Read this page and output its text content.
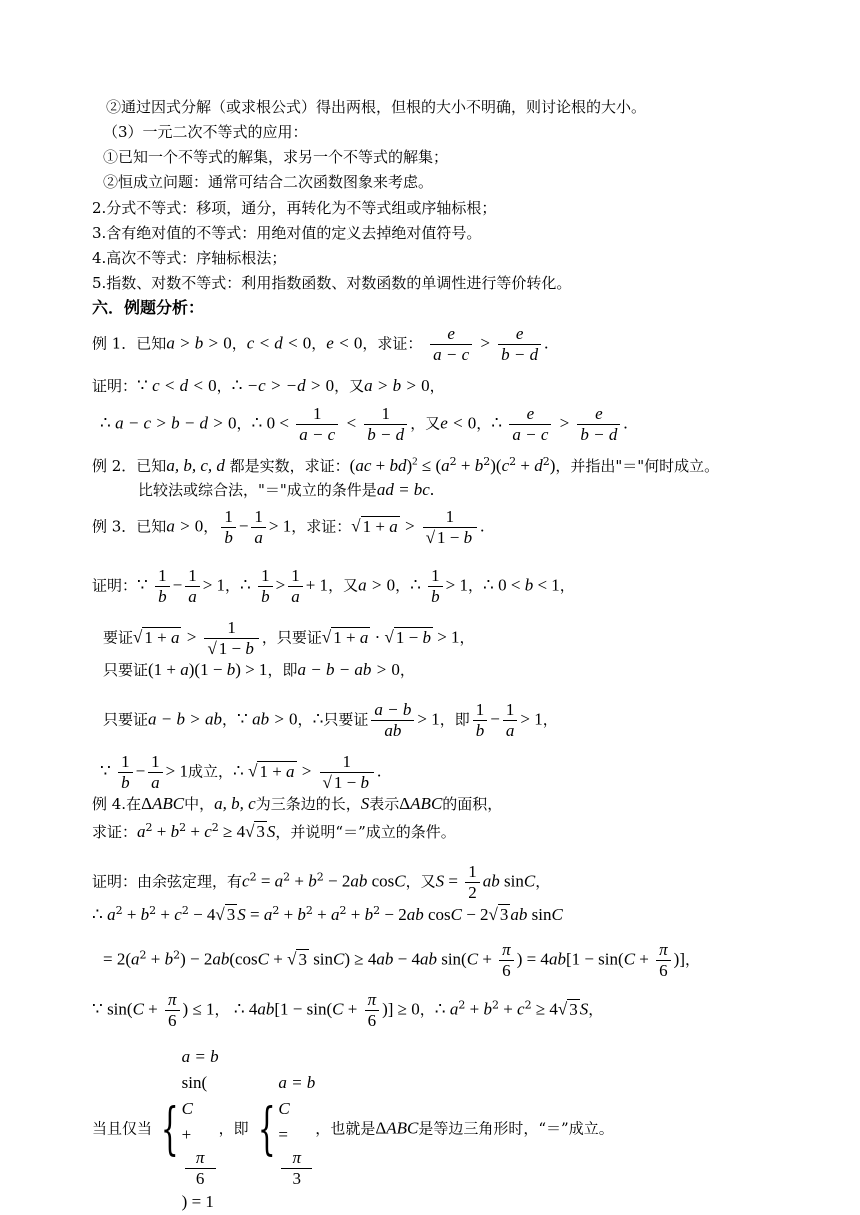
②通过因式分解（或求根公式）得出两根，但根的大小不明确，则讨论根的大小。
（3）一元二次不等式的应用：
①已知一个不等式的解集，求另一个不等式的解集；
②恒成立问题：通常可结合二次函数图象来考虑。
2.分式不等式：移项，通分，再转化为不等式组或序轴标根；
3.含有绝对值的不等式：用绝对值的定义去掉绝对值符号。
4.高次不等式：序轴标根法；
5.指数、对数不等式：利用指数函数、对数函数的单调性进行等价转化。
六．例题分析：
例 1．已知a > b > 0，c < d < 0，e < 0，求证： $\frac{e}{a - c} > \frac{e}{b - d}$ .
证明：∵ c < d < 0，∴ −c > −d > 0，又a > b > 0，
∴ a − c > b − d > 0，∴ $0 < \frac{1}{a - c} < \frac{1}{b - d}$ ，又e < 0，∴ $\frac{e}{a - c} > \frac{e}{b - d}$ .
例 2．已知a, b, c, d 都是实数，求证：$(ac + bd)^2 \le (a^2 + b^2)(c^2 + d^2)$，并指出"＝"何时成立。
比较法或综合法，"＝"成立的条件是ad = bc.
例 3．已知a > 0， $\frac{1}{b} - \frac{1}{a} > 1$，求证：√ $1 + a > \frac{1}{√ 1 - b}$ .
证明：∵ $\frac{1}{b} - \frac{1}{a} > 1$，∴ $\frac{1}{b} > \frac{1}{a} + 1$，又a > 0，∴ $\frac{1}{b} > 1$，∴ 0 < b < 1，
要证√ $1 + a > \frac{1}{√ 1 - b}$ ，只要证√ 1 + a · √ 1 − b > 1，
只要证(1 + a)(1 − b) > 1，即a − b − ab > 0，
只要证a − b > ab，∵ ab > 0，∴只要证 $\frac{a - b}{ab} > 1$，即 $\frac{1}{b} - \frac{1}{a} > 1$，
∵ $\frac{1}{b} - \frac{1}{a} > 1$成立，∴ √ $1 + a > \frac{1}{√ 1 - b}$ .
例 4.在ΔABC中，a, b, c为三条边的长，S表示ΔABC的面积，
求证：$a^2 + b^2 + c^2 \ge 4√$ 3 S，并说明“＝”成立的条件。
证明：由余弦定理，有$c^2 = a^2 + b^2 - 2ab$ cosC，又$S = \frac{1}{2}$ ab sinC，
∴ $a^2 + b^2 + c^2 - 4√$ 3 $S = a^2 + b^2 + a^2 + b^2 - 2ab$ cosC − 2√ 3 ab sinC
= $2(a^2 + b^2) - 2ab(\cos C$ + √ 3 sinC) ≥ 4ab − 4ab $\sin(C + \frac{\pi}{6}$ ) = $4ab[1 - \sin(C + \frac{\pi}{6}$ )]，
∵ $\sin(C + \frac{\pi}{6}$ ) ≤ 1， ∴ $4ab[1 - \sin(C + \frac{\pi}{6}$ )] ≥ 0，∴ $a^2 + b^2 + c^2 \ge 4√$ 3 S，
当且仅当 {
a = b
sin(
C
+
π
6
) = 1
，即 {
a = b
C
=
π
3
，也就是ΔABC是等边三角形时，“＝”成立。
